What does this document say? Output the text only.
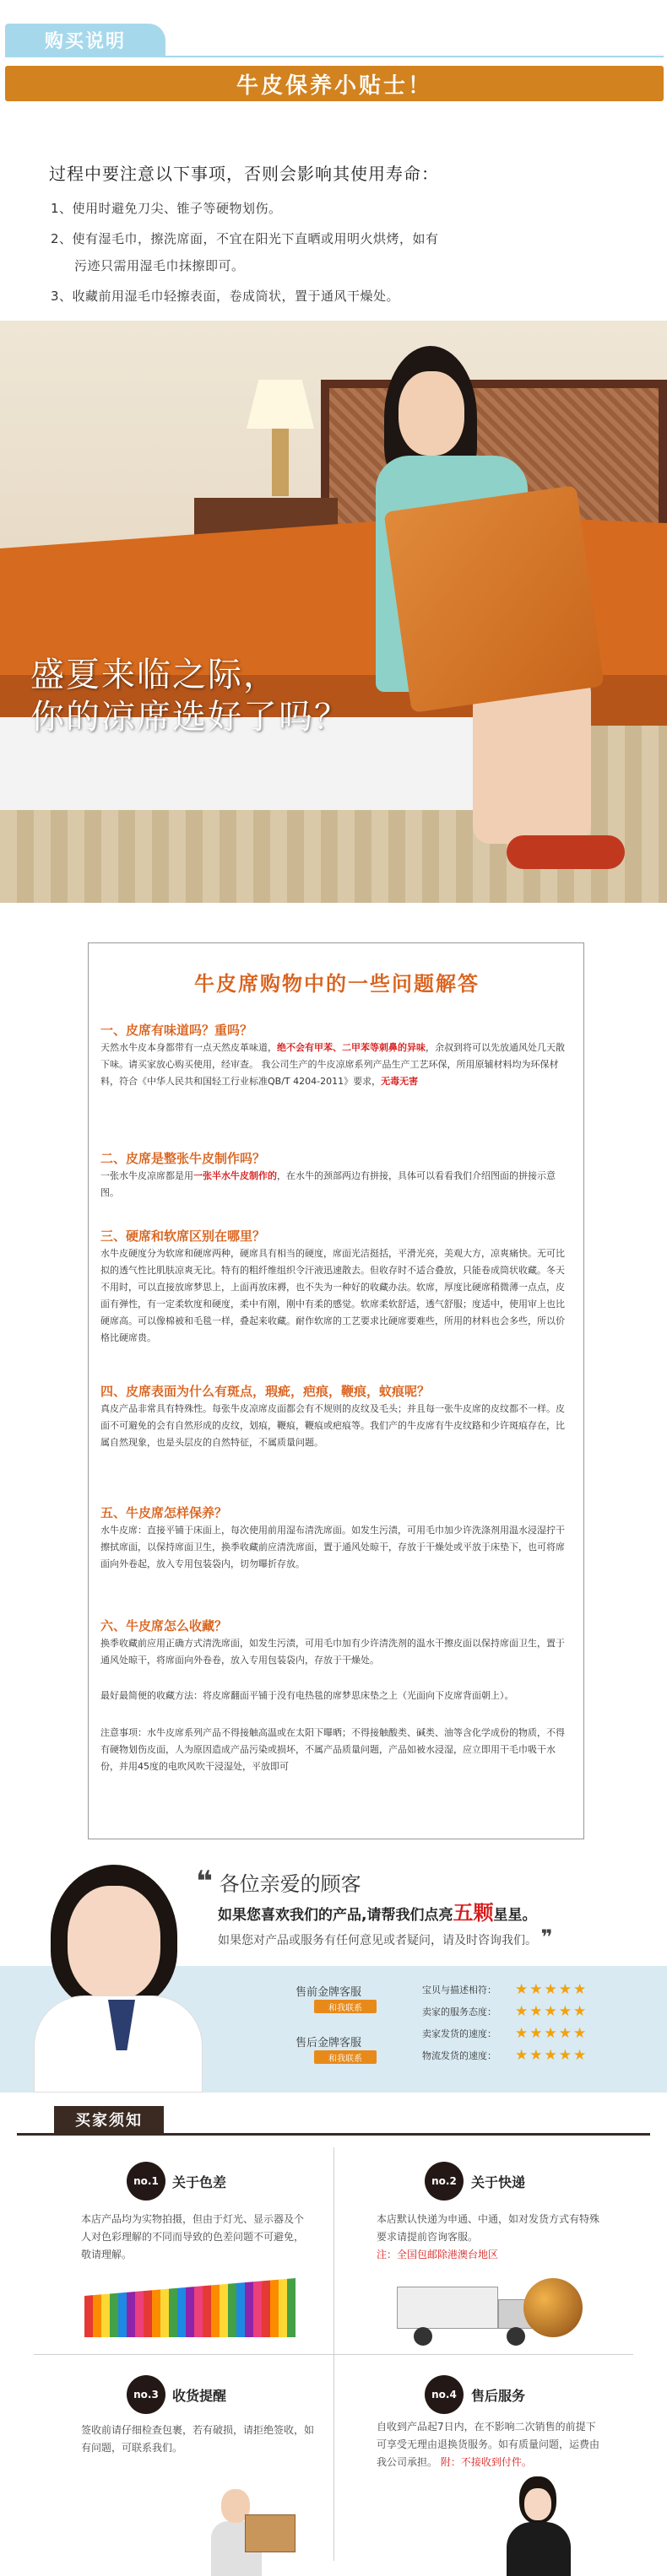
购买说明
牛皮保养小贴士！
过程中要注意以下事项，否则会影响其使用寿命：
1、使用时避免刀尖、锥子等硬物划伤。
2、使有湿毛巾，擦洗席面，不宜在阳光下直晒或用明火烘烤，如有
污迹只需用湿毛巾抹擦即可。
3、收藏前用湿毛巾轻擦表面，卷成筒状，置于通风干燥处。
盛夏来临之际，
你的凉席选好了吗？
牛皮席购物中的一些问题解答
一、皮席有味道吗？重吗？
天然水牛皮本身都带有一点天然皮革味道，绝不会有甲苯、二甲苯等刺鼻的异味，余叔到将可以先放通风处几天散下味。请买家放心购买使用，经审查。 我公司生产的牛皮凉席系列产品生产工艺环保，所用原辅材料均为环保材料，符合《中华人民共和国轻工行业标准QB/T 4204-2011》要求，无毒无害
二、皮席是整张牛皮制作吗？
一张水牛皮凉席都是用一张半水牛皮制作的，在水牛的颈部两边有拼接，具体可以看看我们介绍图面的拼接示意图。
三、硬席和软席区别在哪里？
水牛皮硬度分为软席和硬席两种，硬席具有相当的硬度，席面光洁挺括，平滑光亮，美观大方，凉爽痛快。无可比拟的透气性比肌肤凉爽无比。特有的粗纤维组织令汗液迅速散去。但收存时不适合叠放，只能卷成筒状收藏。冬天不用时，可以直接放席梦思上，上面再放床褥，也不失为一种好的收藏办法。软席，厚度比硬席稍微薄一点点，皮面有弹性，有一定柔软度和硬度，柔中有刚，刚中有柔的感觉。软席柔软舒适，透气舒服；度适中，使用审上也比硬席高。可以像棉被和毛毯一样，叠起来收藏。耐作软席的工艺要求比硬席要难些，所用的材料也会多些，所以价格比硬席贵。
四、皮席表面为什么有斑点，瑕疵，疤痕，鞭痕，蚊痕呢？
真皮产品非常具有特殊性。每张牛皮凉席皮面都会有不规则的皮纹及毛头；并且每一张牛皮席的皮纹都不一样。皮面不可避免的会有自然形成的皮纹，划痕，鞭痕，鞭痕或疤痕等。我们产的牛皮席有牛皮纹路和少许斑痕存在，比属自然现象，也是头层皮的自然特征，不属质量问题。
五、牛皮席怎样保养？
水牛皮席：直接平铺于床面上，每次使用前用湿布清洗席面。如发生污渍，可用毛巾加少许洗涤剂用温水浸湿拧干擦拭席面，以保持席面卫生，换季收藏前应清洗席面，置于通风处晾干，存放于干燥处或平放于床垫下，也可将席面向外卷起，放入专用包装袋内，切勿曝折存放。
六、牛皮席怎么收藏？
换季收藏前应用正确方式清洗席面，如发生污渍，可用毛巾加有少许清洗剂的温水干擦皮面以保持席面卫生，置于通风处晾干，将席面向外卷卷，放入专用包装袋内，存放于干燥处。
最好最简便的收藏方法：将皮席翻面平铺于没有电热毯的席梦思床垫之上（光面向下皮席背面朝上）。
注意事项：水牛皮席系列产品不得接触高温或在太阳下曝晒；不得接触酸类、碱类、油等含化学成份的物质，不得有硬物划伤皮面，人为原因造成产品污染或损坏，不属产品质量问题，产品如被水浸湿，应立即用干毛巾吸干水份，并用45度的电吹风吹干浸湿处，平放即可
❝ 各位亲爱的顾客
如果您喜欢我们的产品,请帮我们点亮五颗星星。
如果您对产品或服务有任何意见或者疑问，请及时咨询我们。 ❞
售前金牌客服
和我联系
售后金牌客服
和我联系
宝贝与描述相符：	★ ★ ★ ★ ★
卖家的服务态度：	★ ★ ★ ★ ★
卖家发货的速度：	★ ★ ★ ★ ★
物流发货的速度：	★ ★ ★ ★ ★
买家须知
no.1	关于色差
本店产品均为实物拍摄，但由于灯光、显示器及个人对色彩理解的不同而导致的色差问题不可避免，敬请理解。
no.2	关于快递
本店默认快递为申通、中通，如对发货方式有特殊要求请提前咨询客服。
注：全国包邮除港澳台地区
no.3	收货提醒
签收前请仔细检查包裹，若有破损，请拒绝签收，如有问题，可联系我们。
no.4	售后服务
自收到产品起7日内，在不影响二次销售的前提下可享受无理由退换货服务。如有质量问题，运费由我公司承担。 附：不接收到付件。
